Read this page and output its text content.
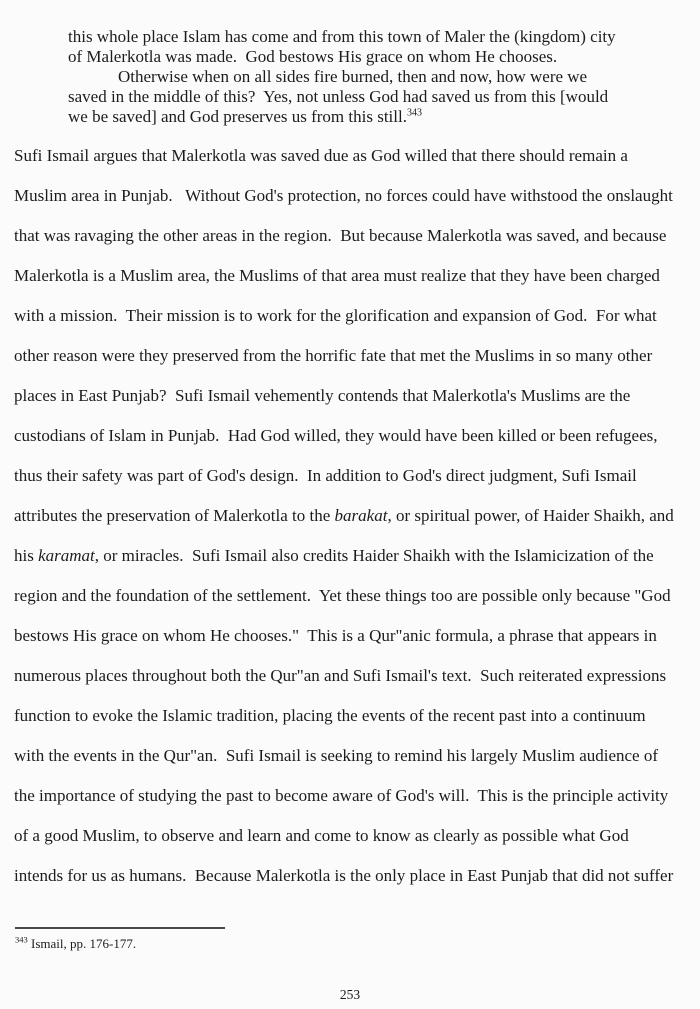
this whole place Islam has come and from this town of Maler the (kingdom) city
of Malerkotla was made.  God bestows His grace on whom He chooses.
Otherwise when on all sides fire burned, then and now, how were we
saved in the middle of this?  Yes, not unless God had saved us from this [would
we be saved] and God preserves us from this still.$^{343}$
Sufi Ismail argues that Malerkotla was saved due as God willed that there should remain a
Muslim area in Punjab.   Without God's protection, no forces could have withstood the onslaught
that was ravaging the other areas in the region.  But because Malerkotla was saved, and because
Malerkotla is a Muslim area, the Muslims of that area must realize that they have been charged
with a mission.  Their mission is to work for the glorification and expansion of God.  For what
other reason were they preserved from the horrific fate that met the Muslims in so many other
places in East Punjab?  Sufi Ismail vehemently contends that Malerkotla's Muslims are the
custodians of Islam in Punjab.  Had God willed, they would have been killed or been refugees,
thus their safety was part of God's design.  In addition to God's direct judgment, Sufi Ismail
attributes the preservation of Malerkotla to the barakat, or spiritual power, of Haider Shaikh, and
his karamat, or miracles.  Sufi Ismail also credits Haider Shaikh with the Islamicization of the
region and the foundation of the settlement.  Yet these things too are possible only because "God
bestows His grace on whom He chooses."  This is a Qur"anic formula, a phrase that appears in
numerous places throughout both the Qur"an and Sufi Ismail's text.  Such reiterated expressions
function to evoke the Islamic tradition, placing the events of the recent past into a continuum
with the events in the Qur"an.  Sufi Ismail is seeking to remind his largely Muslim audience of
the importance of studying the past to become aware of God's will.  This is the principle activity
of a good Muslim, to observe and learn and come to know as clearly as possible what God
intends for us as humans.  Because Malerkotla is the only place in East Punjab that did not suffer
$^{343}$ Ismail, pp. 176-177.
253
